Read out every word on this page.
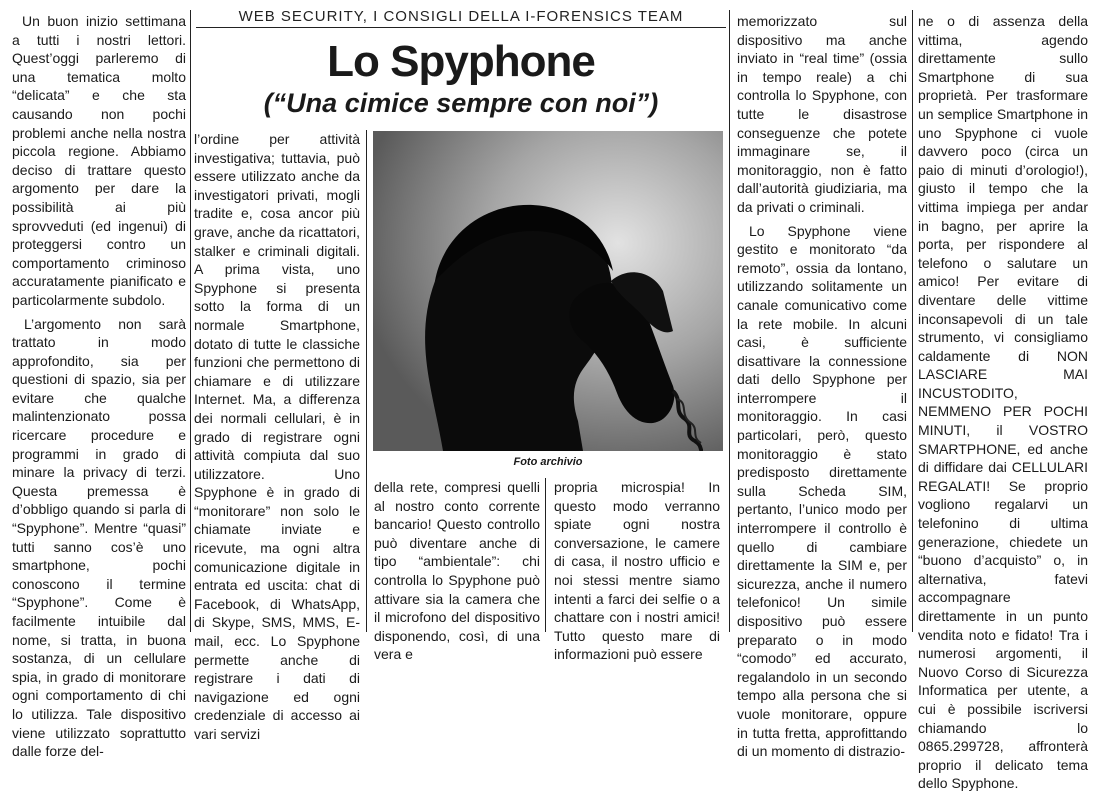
Un buon inizio settimana a tutti i nostri lettori. Quest’oggi parleremo di una tematica molto “delicata” e che sta causando non pochi problemi anche nella nostra piccola regione. Abbiamo deciso di trattare questo argomento per dare la possibilità ai più sprovveduti (ed ingenui) di proteggersi contro un comportamento criminoso accuratamente pianificato e particolarmente subdolo.

L’argomento non sarà trattato in modo approfondito, sia per questioni di spazio, sia per evitare che qualche malintenzionato possa ricercare procedure e programmi in grado di minare la privacy di terzi. Questa premessa è d’obbligo quando si parla di “Spyphone”. Mentre “quasi” tutti sanno cos’è uno smartphone, pochi conoscono il termine “Spyphone”. Come è facilmente intuibile dal nome, si tratta, in buona sostanza, di un cellulare spia, in grado di monitorare ogni comportamento di chi lo utilizza. Tale dispositivo viene utilizzato soprattutto dalle forze del-

WEB SECURITY, I CONSIGLI DELLA I-FORENSICS TEAM
Lo Spyphone
(“Una cimice sempre con noi”)

l’ordine per attività investigativa; tuttavia, può essere utilizzato anche da investigatori privati, mogli tradite e, cosa ancor più grave, anche da ricattatori, stalker e criminali digitali. A prima vista, uno Spyphone si presenta sotto la forma di un normale Smartphone, dotato di tutte le classiche funzioni che permettono di chiamare e di utilizzare Internet. Ma, a differenza dei normali cellulari, è in grado di registrare ogni attività compiuta dal suo utilizzatore. Uno Spyphone è in grado di “monitorare” non solo le chiamate inviate e ricevute, ma ogni altra comunicazione digitale in entrata ed uscita: chat di Facebook, di WhatsApp, di Skype, SMS, MMS, E-mail, ecc. Lo Spyphone permette anche di registrare i dati di navigazione ed ogni credenziale di accesso ai vari servizi

Foto archivio

della rete, compresi quelli al nostro conto corrente bancario! Questo controllo può diventare anche di tipo “ambientale”: chi controlla lo Spyphone può attivare sia la camera che il microfono del dispositivo disponendo, così, di una vera e

propria microspia! In questo modo verranno spiate ogni nostra conversazione, le camere di casa, il nostro ufficio e noi stessi mentre siamo intenti a farci dei selfie o a chattare con i nostri amici! Tutto questo mare di informazioni può essere

memorizzato sul dispositivo ma anche inviato in “real time” (ossia in tempo reale) a chi controlla lo Spyphone, con tutte le disastrose conseguenze che potete immaginare se, il monitoraggio, non è fatto dall’autorità giudiziaria, ma da privati o criminali.

Lo Spyphone viene gestito e monitorato “da remoto”, ossia da lontano, utilizzando solitamente un canale comunicativo come la rete mobile. In alcuni casi, è sufficiente disattivare la connessione dati dello Spyphone per interrompere il monitoraggio. In casi particolari, però, questo monitoraggio è stato predisposto direttamente sulla Scheda SIM, pertanto, l’unico modo per interrompere il controllo è quello di cambiare direttamente la SIM e, per sicurezza, anche il numero telefonico! Un simile dispositivo può essere preparato o in modo “comodo” ed accurato, regalandolo in un secondo tempo alla persona che si vuole monitorare, oppure in tutta fretta, approfittando di un momento di distrazio-

ne o di assenza della vittima, agendo direttamente sullo Smartphone di sua proprietà. Per trasformare un semplice Smartphone in uno Spyphone ci vuole davvero poco (circa un paio di minuti d’orologio!), giusto il tempo che la vittima impiega per andar in bagno, per aprire la porta, per rispondere al telefono o salutare un amico! Per evitare di diventare delle vittime inconsapevoli di un tale strumento, vi consigliamo caldamente di NON LASCIARE MAI INCUSTODITO, NEMMENO PER POCHI MINUTI, il VOSTRO SMARTPHONE, ed anche di diffidare dai CELLULARI REGALATI! Se proprio vogliono regalarvi un telefonino di ultima generazione, chiedete un “buono d’acquisto” o, in alternativa, fatevi accompagnare direttamente in un punto vendita noto e fidato! Tra i numerosi argomenti, il Nuovo Corso di Sicurezza Informatica per utente, a cui è possibile iscriversi chiamando lo 0865.299728, affronterà proprio il delicato tema dello Spyphone.
